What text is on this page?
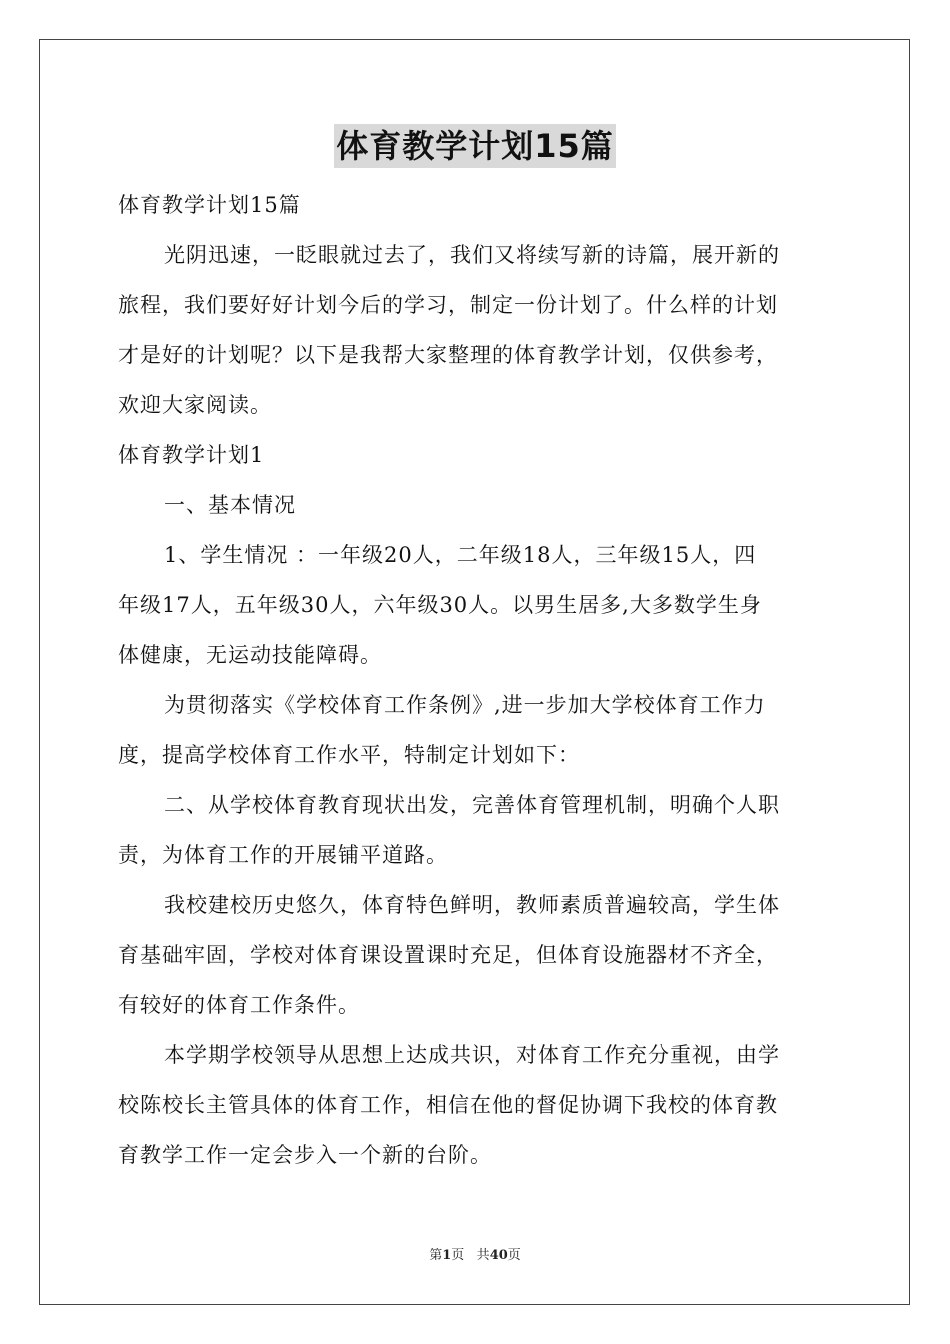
体育教学计划15篇
体育教学计划15篇
光阴迅速，一眨眼就过去了，我们又将续写新的诗篇，展开新的
旅程，我们要好好计划今后的学习，制定一份计划了。什么样的计划
才是好的计划呢？以下是我帮大家整理的体育教学计划，仅供参考，
欢迎大家阅读。
体育教学计划1
一、基本情况
1、学生情况 ：一年级20人，二年级18人，三年级15人，四
年级17人，五年级30人，六年级30人。以男生居多,大多数学生身
体健康，无运动技能障碍。
为贯彻落实《学校体育工作条例》,进一步加大学校体育工作力
度，提高学校体育工作水平，特制定计划如下：
二、从学校体育教育现状出发，完善体育管理机制，明确个人职
责，为体育工作的开展铺平道路。
我校建校历史悠久，体育特色鲜明，教师素质普遍较高，学生体
育基础牢固，学校对体育课设置课时充足，但体育设施器材不齐全，
有较好的体育工作条件。
本学期学校领导从思想上达成共识，对体育工作充分重视，由学
校陈校长主管具体的体育工作，相信在他的督促协调下我校的体育教
育教学工作一定会步入一个新的台阶。
第1页 共40页
